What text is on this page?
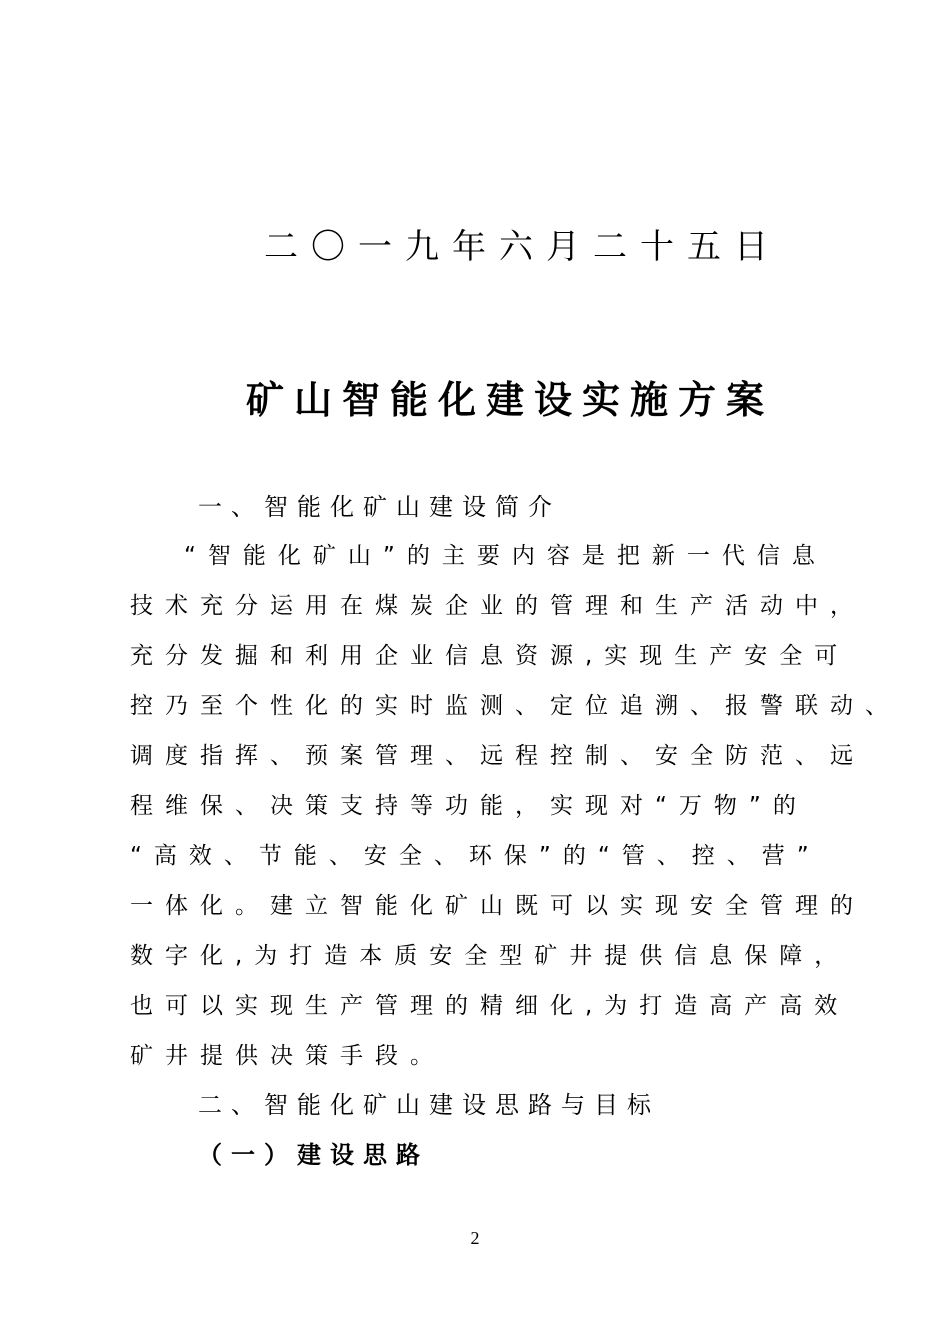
二〇一九年六月二十五日
矿山智能化建设实施方案
一、智能化矿山建设简介
“智能化矿山”的主要内容是把新一代信息
技术充分运用在煤炭企业的管理和生产活动中，
充分发掘和利用企业信息资源,实现生产安全可
控乃至个性化的实时监测、定位追溯、报警联动、
调度指挥、预案管理、远程控制、安全防范、远
程维保、决策支持等功能，实现对“万物”的
“高效、节能、安全、环保”的“管、控、营”
一体化。建立智能化矿山既可以实现安全管理的
数字化,为打造本质安全型矿井提供信息保障，
也可以实现生产管理的精细化,为打造高产高效
矿井提供决策手段。
二、智能化矿山建设思路与目标
（一）建设思路
2
